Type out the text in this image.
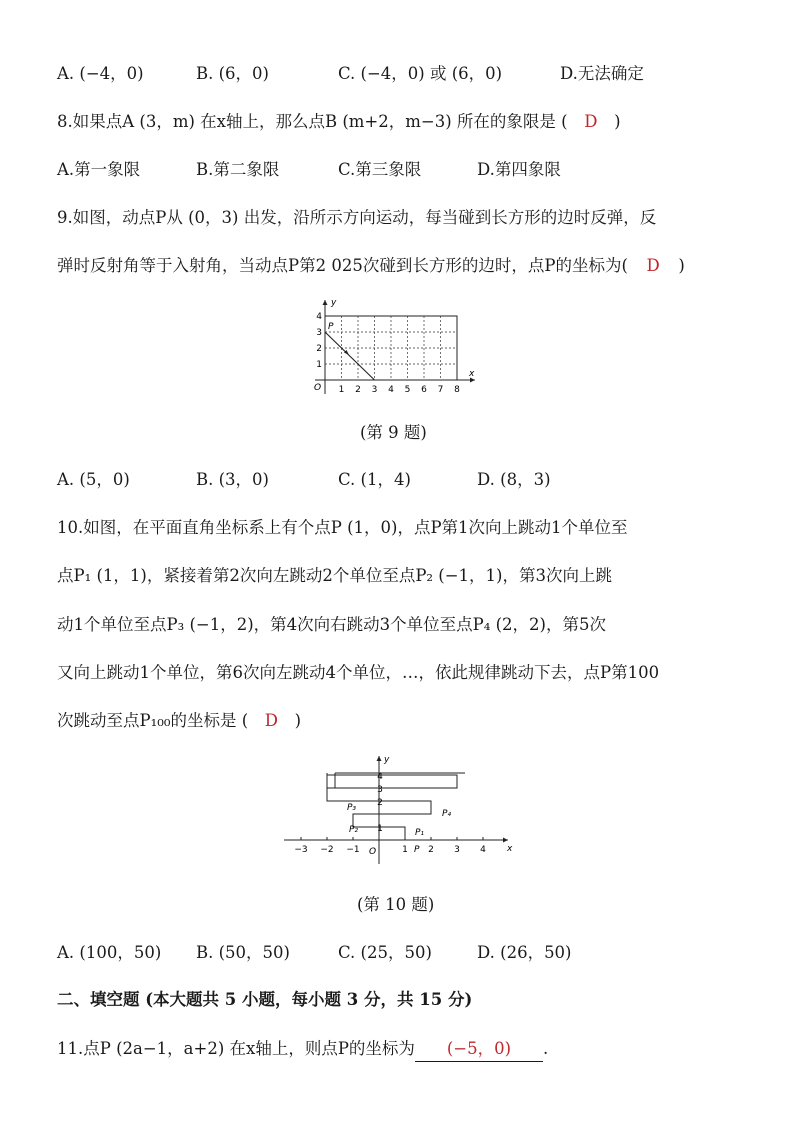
A. (−4，0)	B. (6，0)	C. (−4，0) 或 (6，0)	D.无法确定
8.如果点A (3，m) 在x轴上，那么点B (m+2，m−3) 所在的象限是 ( D )
A.第一象限	B.第二象限	C.第三象限	D.第四象限
9.如图，动点P从 (0，3) 出发，沿所示方向运动，每当碰到长方形的边时反弹，反
弹时反射角等于入射角，当动点P第2 025次碰到长方形的边时，点P的坐标为( D )
P
O
x
y
1 2 3 4 5 6 7 8
1
2
3
4
(第 9 题)
A. (5，0)	B. (3，0)	C. (1，4)	D. (8，3)
10.如图，在平面直角坐标系上有个点P (1，0)，点P第1次向上跳动1个单位至
点P₁ (1，1)，紧接着第2次向左跳动2个单位至点P₂ (−1，1)，第3次向上跳
动1个单位至点P₃ (−1，2)，第4次向右跳动3个单位至点P₄ (2，2)，第5次
又向上跳动1个单位，第6次向左跳动4个单位，…，依此规律跳动下去，点P第100
次跳动至点P₁₀₀的坐标是 ( D )
O	x
y
−3 −2 −1	1 2 3 4
1
2
3
4
P
P₁
P₂
P₃
P₄
(第 10 题)
A. (100，50) B. (50，50)	C. (25，50)	D. (26，50)
二、填空题 (本大题共 5 小题，每小题 3 分，共 15 分)
11.点P (2a−1，a+2) 在x轴上，则点P的坐标为 (−5，0) .
